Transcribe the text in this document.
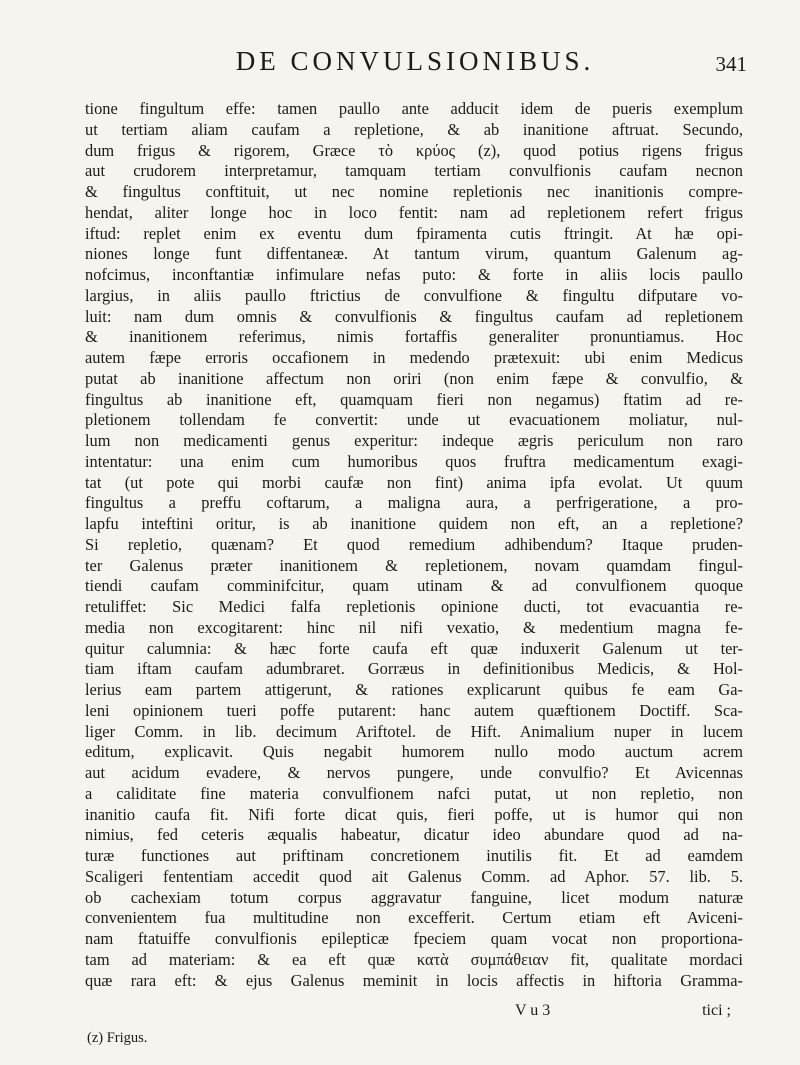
DE CONVULSIONIBUS.	341
tione fingultum effe: tamen paullo ante adducit idem de pueris exemplum
ut tertiam aliam caufam a repletione, & ab inanitione aftruat. Secundo,
dum frigus & rigorem, Græce τὸ κρύος (z), quod potius rigens frigus
aut crudorem interpretamur, tamquam tertiam convulfionis caufam necnon
& fingultus conftituit, ut nec nomine repletionis nec inanitionis compre-
hendat, aliter longe hoc in loco fentit: nam ad repletionem refert frigus
iftud: replet enim ex eventu dum fpiramenta cutis ftringit. At hæ opi-
niones longe funt diffentaneæ. At tantum virum, quantum Galenum ag-
nofcimus, inconftantiæ infimulare nefas puto: & forte in aliis locis paullo
largius, in aliis paullo ftrictius de convulfione & fingultu difputare vo-
luit: nam dum omnis & convulfionis & fingultus caufam ad repletionem
& inanitionem referimus, nimis fortaffis generaliter pronuntiamus. Hoc
autem fæpe erroris occafionem in medendo prætexuit: ubi enim Medicus
putat ab inanitione affectum non oriri (non enim fæpe & convulfio, &
fingultus ab inanitione eft, quamquam fieri non negamus) ftatim ad re-
pletionem tollendam fe convertit: unde ut evacuationem moliatur, nul-
lum non medicamenti genus experitur: indeque ægris periculum non raro
intentatur: una enim cum humoribus quos fruftra medicamentum exagi-
tat (ut pote qui morbi caufæ non fint) anima ipfa evolat. Ut quum
fingultus a preffu coftarum, a maligna aura, a perfrigeratione, a pro-
lapfu inteftini oritur, is ab inanitione quidem non eft, an a repletione?
Si repletio, quænam? Et quod remedium adhibendum? Itaque pruden-
ter Galenus præter inanitionem & repletionem, novam quamdam fingul-
tiendi caufam comminifcitur, quam utinam & ad convulfionem quoque
retuliffet: Sic Medici falfa repletionis opinione ducti, tot evacuantia re-
media non excogitarent: hinc nil nifi vexatio, & medentium magna fe-
quitur calumnia: & hæc forte caufa eft quæ induxerit Galenum ut ter-
tiam iftam caufam adumbraret. Gorræus in definitionibus Medicis, & Hol-
lerius eam partem attigerunt, & rationes explicarunt quibus fe eam Ga-
leni opinionem tueri poffe putarent: hanc autem quæftionem Doctiff. Sca-
liger Comm. in lib. decimum Ariftotel. de Hift. Animalium nuper in lucem
editum, explicavit. Quis negabit humorem nullo modo auctum acrem
aut acidum evadere, & nervos pungere, unde convulfio? Et Avicennas
a caliditate fine materia convulfionem nafci putat, ut non repletio, non
inanitio caufa fit. Nifi forte dicat quis, fieri poffe, ut is humor qui non
nimius, fed ceteris æqualis habeatur, dicatur ideo abundare quod ad na-
turæ functiones aut priftinam concretionem inutilis fit. Et ad eamdem
Scaligeri fententiam accedit quod ait Galenus Comm. ad Aphor. 57. lib. 5.
ob cachexiam totum corpus aggravatur fanguine, licet modum naturæ
convenientem fua multitudine non excefferit. Certum etiam eft Aviceni-
nam ftatuiffe convulfionis epilepticæ fpeciem quam vocat non proportiona-
tam ad materiam: & ea eft quæ κατὰ συμπάθειαν fit, qualitate mordaci
quæ rara eft: & ejus Galenus meminit in locis affectis in hiftoria Gramma-
V u 3	tici ;
(z) Frigus.
